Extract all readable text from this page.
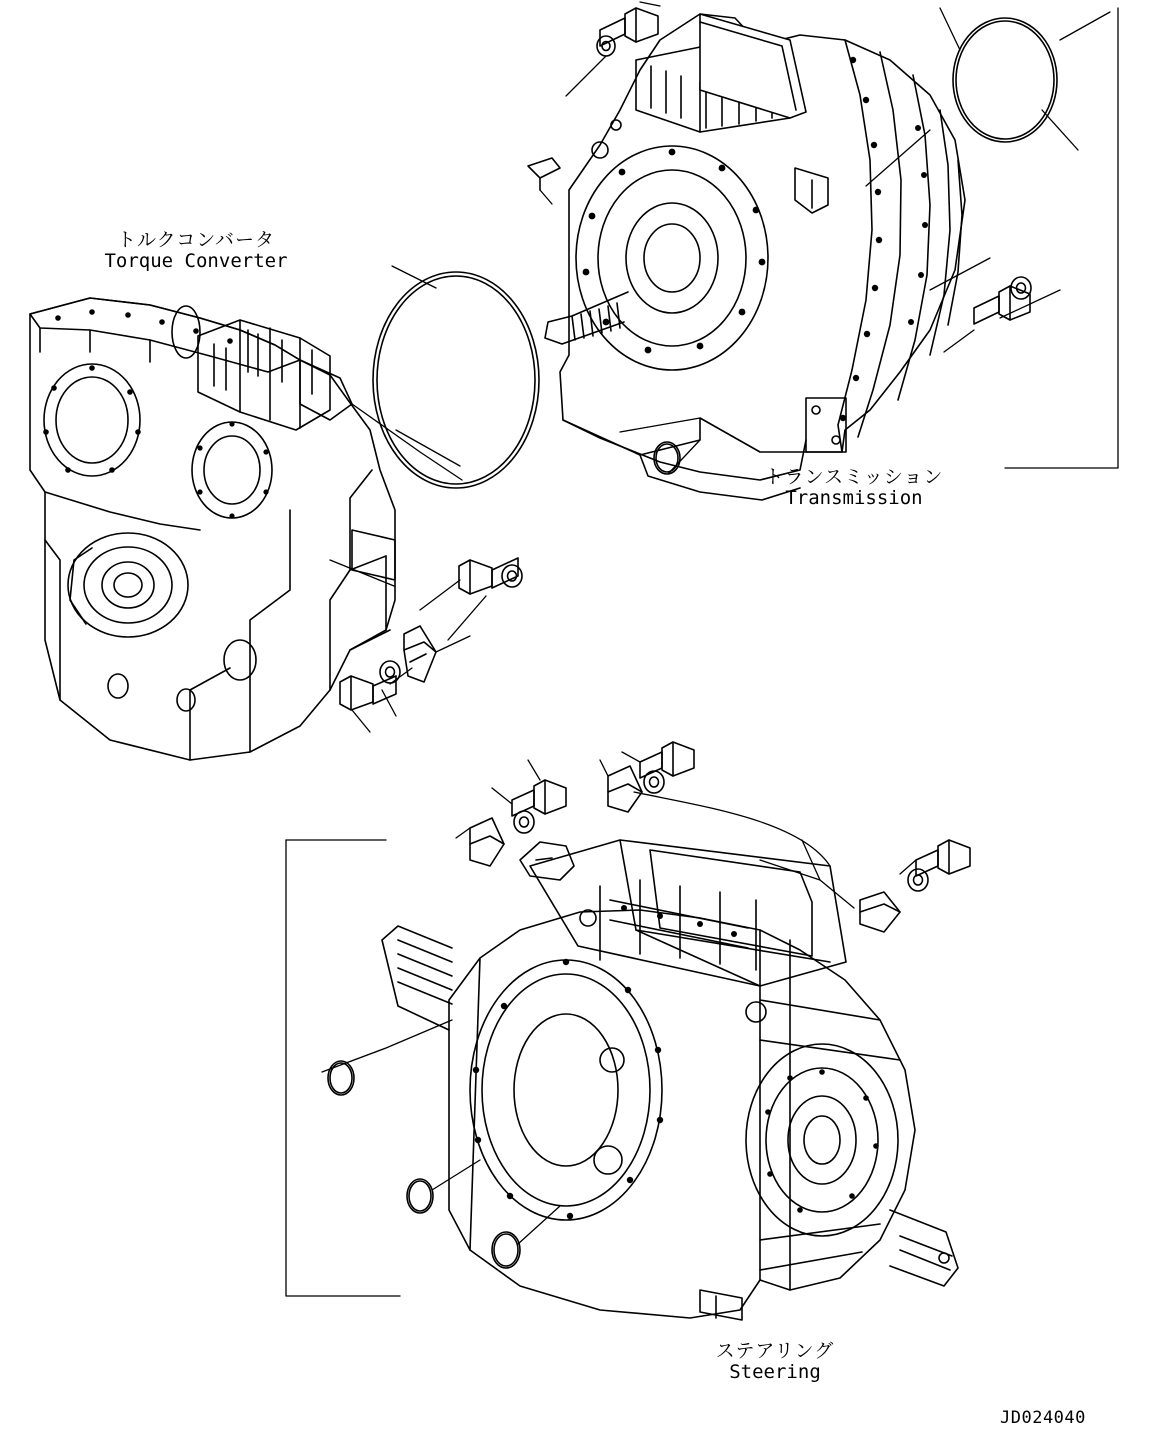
トルクコンバータ
Torque Converter
トランスミッション
Transmission
ステアリング
Steering
JD024040
